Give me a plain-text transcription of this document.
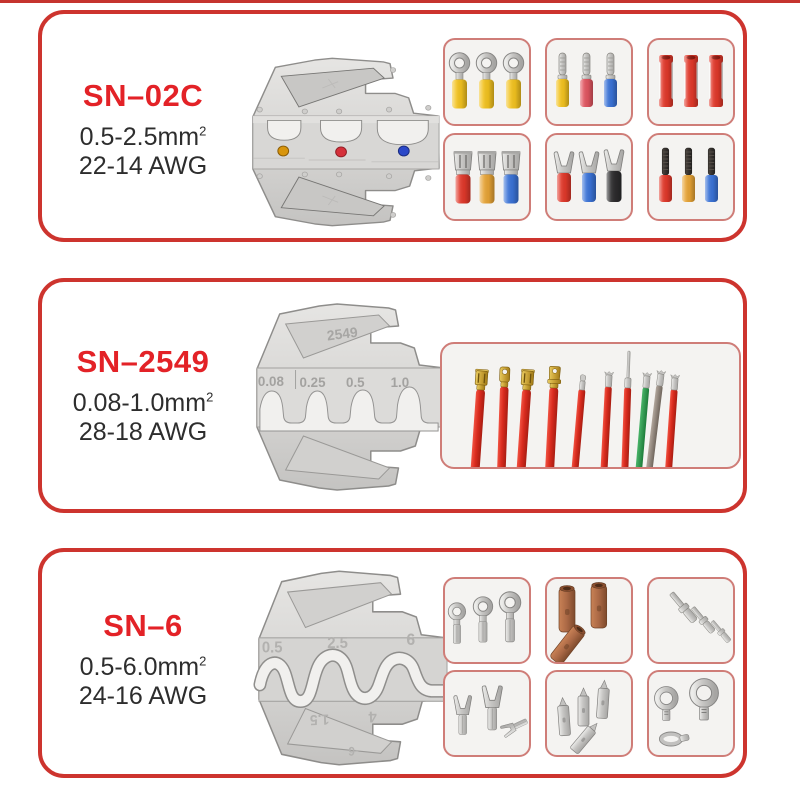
SN–02C
$0.5-2.5mm^2$
22-14 AWG
SN–2549
$0.08-1.0mm^2$
28-18 AWG
2549
0.08 0.25 0.5 1.0
SN–6
$0.5-6.0mm^2$
24-16 AWG
0.5	2.5	6
1.5	4
-6
